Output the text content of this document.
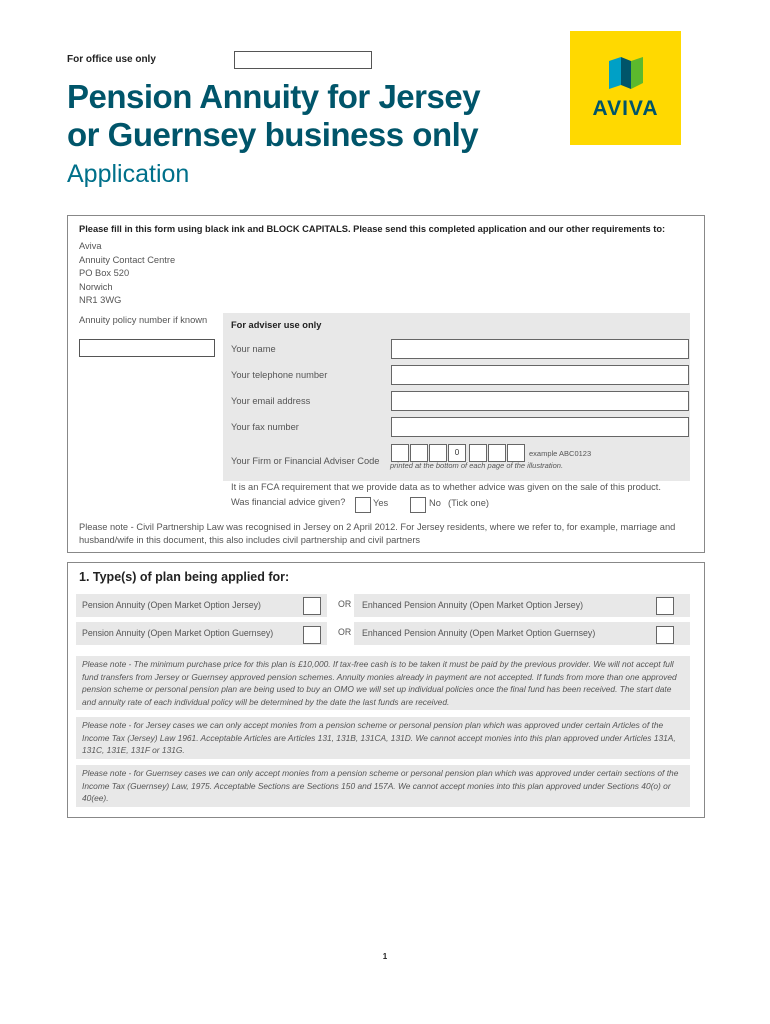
For office use only
AVIVA
Pension Annuity for Jersey
or Guernsey business only
Application
Please fill in this form using black ink and BLOCK CAPITALS. Please send this completed application and our other requirements to:
Aviva
Annuity Contact Centre
PO Box 520
Norwich
NR1 3WG
Annuity policy number if known	For adviser use only
Your name
Your telephone number
Your email address
Your fax number
Your Firm or Financial Adviser Code
0	example ABC0123
printed at the bottom of each page of the illustration.
It is an FCA requirement that we provide data as to whether advice was given on the sale of this product.
Was financial advice given?	Yes	No (Tick one)
Please note - Civil Partnership Law was recognised in Jersey on 2 April 2012. For Jersey residents, where we refer to, for example, marriage and husband/wife in this document, this also includes civil partnership and civil partners
1. Type(s) of plan being applied for:
Pension Annuity (Open Market Option Jersey)	OR Enhanced Pension Annuity (Open Market Option Jersey)
Pension Annuity (Open Market Option Guernsey)	OR Enhanced Pension Annuity (Open Market Option Guernsey)
Please note - The minimum purchase price for this plan is £10,000. If tax-free cash is to be taken it must be paid by the previous provider. We will not accept full fund transfers from Jersey or Guernsey approved pension schemes. Annuity monies already in payment are not accepted. If funds from more than one approved pension scheme or personal pension plan are being used to buy an OMO we will set up individual policies once the final fund has been received. The start date and annuity rate of each individual policy will be determined by the date the last funds are received.
Please note - for Jersey cases we can only accept monies from a pension scheme or personal pension plan which was approved under certain Articles of the Income Tax (Jersey) Law 1961. Acceptable Articles are Articles 131, 131B, 131CA, 131D. We cannot accept monies into this plan approved under Articles 131A, 131C, 131E, 131F or 131G.
Please note - for Guernsey cases we can only accept monies from a pension scheme or personal pension plan which was approved under certain sections of the Income Tax (Guernsey) Law, 1975. Acceptable Sections are Sections 150 and 157A. We cannot accept monies into this plan approved under Sections 40(o) or 40(ee).
1
